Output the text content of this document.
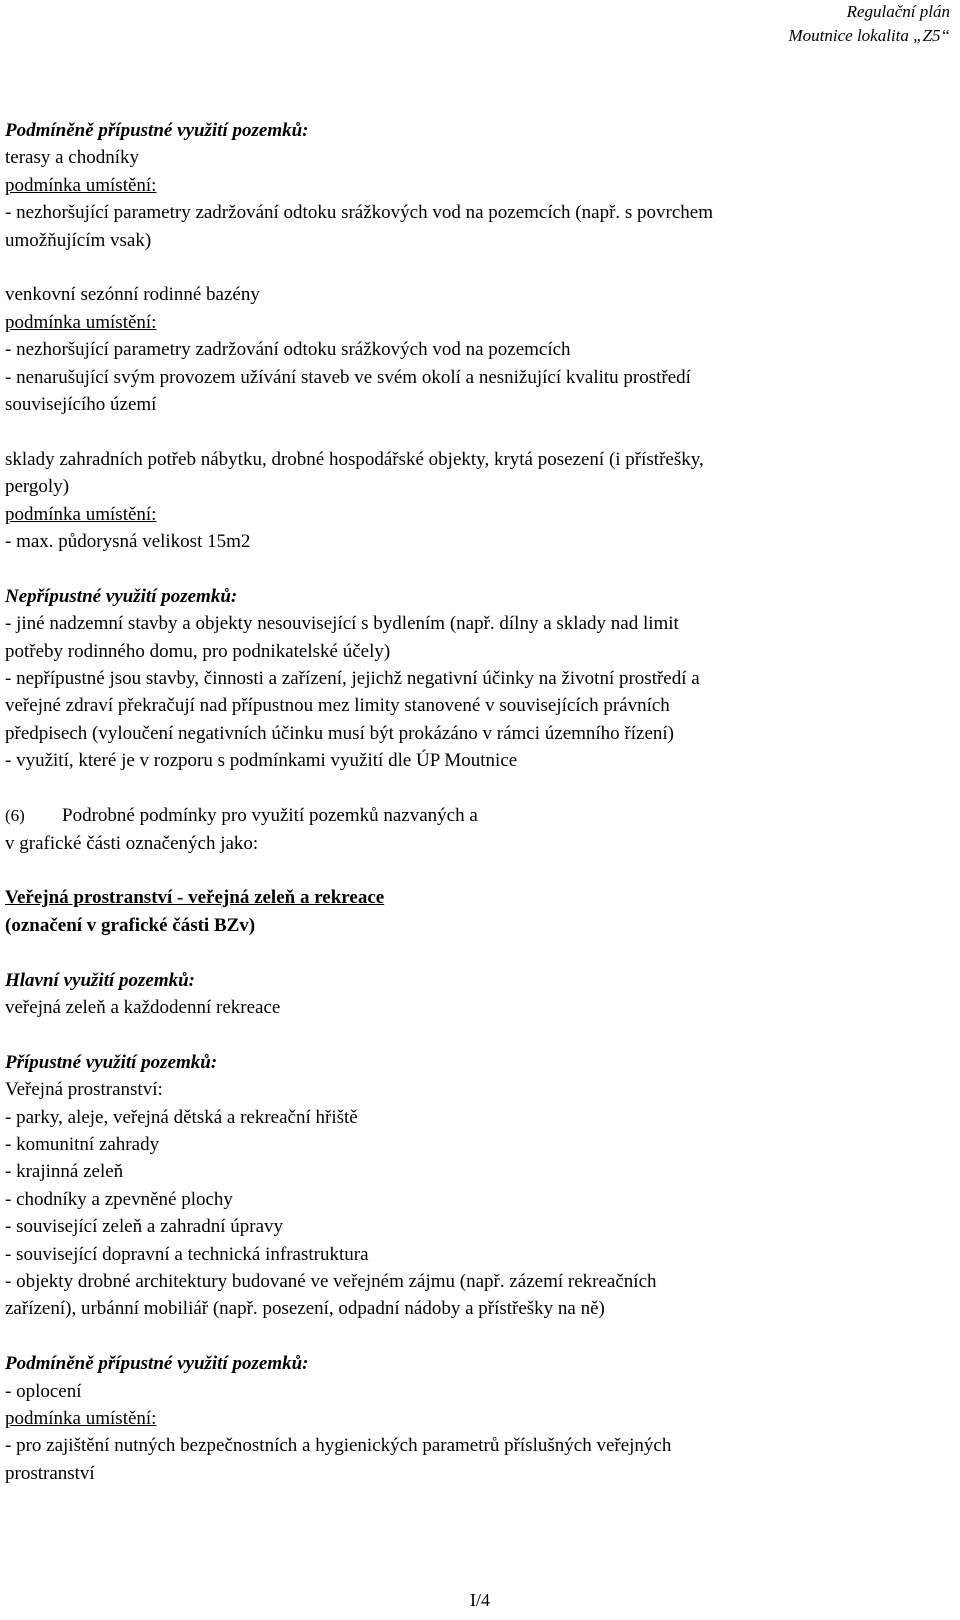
Regulační plán
Moutnice lokalita „Z5“
Podmíněně přípustné využití pozemků:
terasy a chodníky
podmínka umístění:
- nezhoršující parametry zadržování odtoku srážkových vod na pozemcích (např. s povrchem
umožňujícím vsak)
venkovní sezónní rodinné bazény
podmínka umístění:
- nezhoršující parametry zadržování odtoku srážkových vod na pozemcích
- nenarušující svým provozem užívání staveb ve svém okolí a nesnižující kvalitu prostředí
souvisejícího území
sklady zahradních potřeb nábytku, drobné hospodářské objekty, krytá posezení (i přístřešky,
pergoly)
podmínka umístění:
- max. půdorysná velikost 15m2
Nepřípustné využití pozemků:
- jiné nadzemní stavby a objekty nesouvisející s bydlením (např. dílny a sklady nad limit
potřeby rodinného domu, pro podnikatelské účely)
- nepřípustné jsou stavby, činnosti a zařízení, jejichž negativní účinky na životní prostředí a
veřejné zdraví překračují nad přípustnou mez limity stanovené v souvisejících právních
předpisech (vyloučení negativních účinku musí být prokázáno v rámci územního řízení)
- využití, které je v rozporu s podmínkami využití dle ÚP Moutnice
(6) Podrobné podmínky pro využití pozemků nazvaných a
v grafické části označených jako:
Veřejná prostranství - veřejná zeleň a rekreace
(označení v grafické části BZv)
Hlavní využití pozemků:
veřejná zeleň a každodenní rekreace
Přípustné využití pozemků:
Veřejná prostranství:
- parky, aleje, veřejná dětská a rekreační hřiště
- komunitní zahrady
- krajinná zeleň
- chodníky a zpevněné plochy
- související zeleň a zahradní úpravy
- související dopravní a technická infrastruktura
- objekty drobné architektury budované ve veřejném zájmu (např. zázemí rekreačních
zařízení), urbánní mobiliář (např. posezení, odpadní nádoby a přístřešky na ně)
Podmíněně přípustné využití pozemků:
- oplocení
podmínka umístění:
- pro zajištění nutných bezpečnostních a hygienických parametrů příslušných veřejných
prostranství
I/4
